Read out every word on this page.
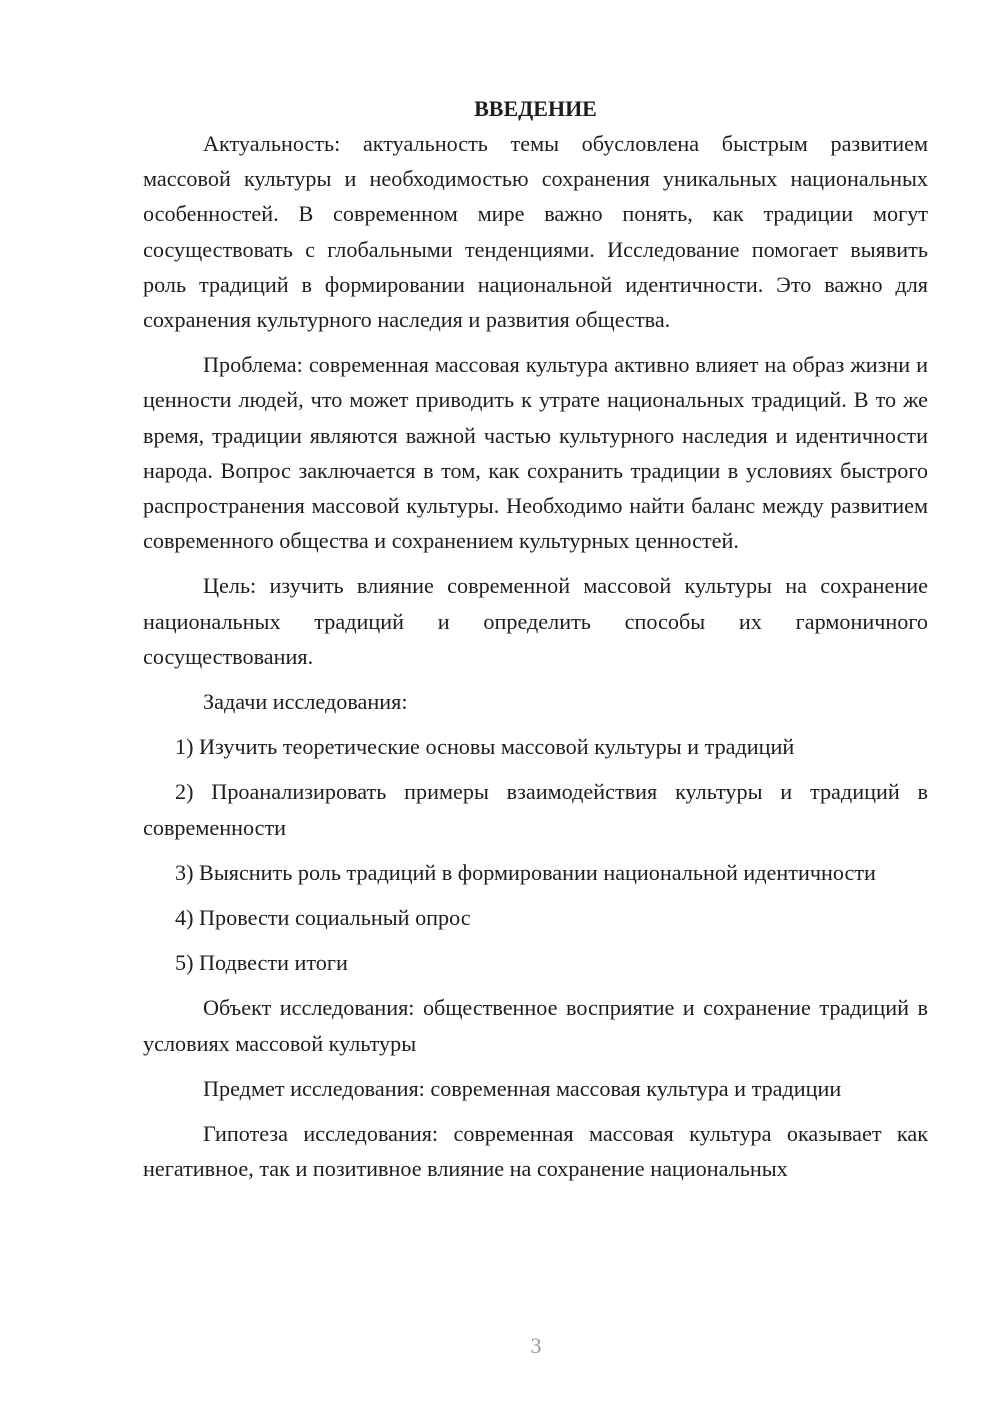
ВВЕДЕНИЕ

Актуальность: актуальность темы обусловлена быстрым развитием массовой культуры и необходимостью сохранения уникальных национальных особенностей. В современном мире важно понять, как традиции могут сосуществовать с глобальными тенденциями. Исследование помогает выявить роль традиций в формировании национальной идентичности. Это важно для сохранения культурного наследия и развития общества.

Проблема: современная массовая культура активно влияет на образ жизни и ценности людей, что может приводить к утрате национальных традиций. В то же время, традиции являются важной частью культурного наследия и идентичности народа. Вопрос заключается в том, как сохранить традиции в условиях быстрого распространения массовой культуры. Необходимо найти баланс между развитием современного общества и сохранением культурных ценностей.

Цель: изучить влияние современной массовой культуры на сохранение национальных традиций и определить способы их гармоничного сосуществования.

Задачи исследования:

1) Изучить теоретические основы массовой культуры и традиций

2) Проанализировать примеры взаимодействия культуры и традиций в современности

3) Выяснить роль традиций в формировании национальной идентичности

4) Провести социальный опрос

5) Подвести итоги

Объект исследования: общественное восприятие и сохранение традиций в условиях массовой культуры

Предмет исследования: современная массовая культура и традиции

Гипотеза исследования: современная массовая культура оказывает как негативное, так и позитивное влияние на сохранение национальных

3
